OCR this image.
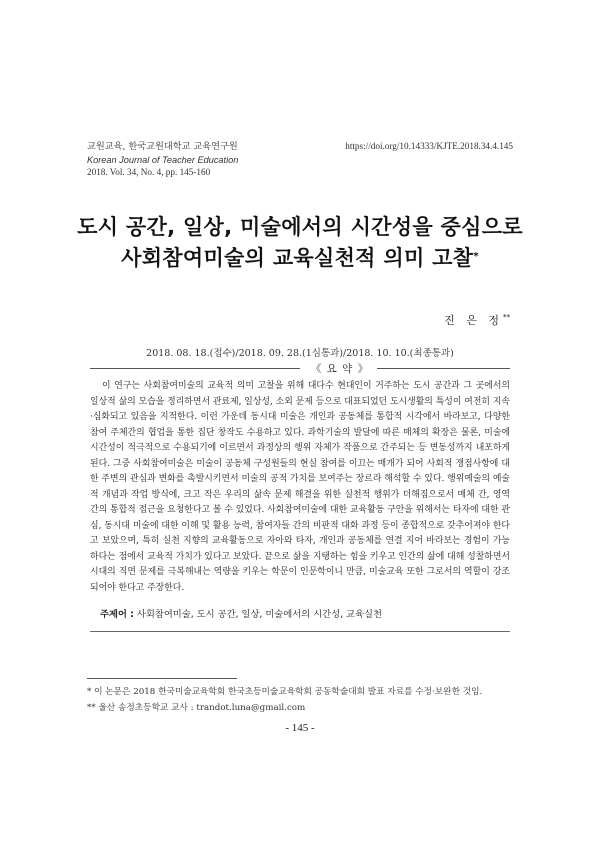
교원교육, 한국교원대학교 교육연구원
Korean Journal of Teacher Education
2018. Vol. 34, No. 4, pp. 145-160
https://doi.org/10.14333/KJTE.2018.34.4.145
도시 공간, 일상, 미술에서의 시간성을 중심으로
사회참여미술의 교육실천적 의미 고찰*
진 은 정**
2018. 08. 18.(접수)/2018. 09. 28.(1심통과)/2018. 10. 10.(최종통과)
《 요 약 》

이 연구는 사회참여미술의 교육적 의미 고찰을 위해 대다수 현대인이 거주하는 도시 공간과 그 곳에서의 일상적 삶의 모습을 정리하면서 관료제, 일상성, 소외 문제 등으로 대표되었던 도시생활의 특성이 여전히 지속 ·심화되고 있음을 지적한다. 이런 가운데 동시대 미술은 개인과 공동체를 통합적 시각에서 바라보고, 다양한 참여 주체간의 협업을 통한 집단 창작도 수용하고 있다. 과학기술의 발달에 따른 매체의 확장은 물론, 미술에 시간성이 적극적으로 수용되기에 이르면서 과정상의 행위 자체가 작품으로 간주되는 등 변동성까지 내포하게 된다. 그중 사회참여미술은 미술이 공동체 구성원들의 현실 참여를 이끄는 매개가 되어 사회적 쟁점사항에 대한 주변의 관심과 변화를 촉발시키면서 미술의 공적 가치를 보여주는 장르라 해석할 수 있다. 행위예술의 예술적 개념과 작업 방식에, 크고 작은 우리의 삶속 문제 해결을 위한 실천적 행위가 더해짐으로서 매체 간, 영역 간의 통합적 접근을 요청한다고 볼 수 있었다. 사회참여미술에 대한 교육활동 구안을 위해서는 타자에 대한 관심, 동시대 미술에 대한 이해 및 활용 능력, 참여자들 간의 비판적 대화 과정 등이 종합적으로 갖추어져야 한다고 보았으며, 특히 실천 지향의 교육활동으로 자아와 타자, 개인과 공동체를 연결 지어 바라보는 경험이 가능하다는 점에서 교육적 가치가 있다고 보았다. 끝으로 삶을 지탱하는 힘을 키우고 인간의 삶에 대해 성찰하면서 시대의 직면 문제를 극복해내는 역량을 키우는 학문이 인문학이니 만큼, 미술교육 또한 그로서의 역할이 강조되어야 한다고 주장한다.

주제어 : 사회참여미술, 도시 공간, 일상, 미술에서의 시간성, 교육실천
* 이 논문은 2018 한국미술교육학회 한국초등미술교육학회 공동학술대회 발표 자료를 수정·보완한 것임.
** 울산 송정초등학교 교사 : trandot.luna@gmail.com
- 145 -
